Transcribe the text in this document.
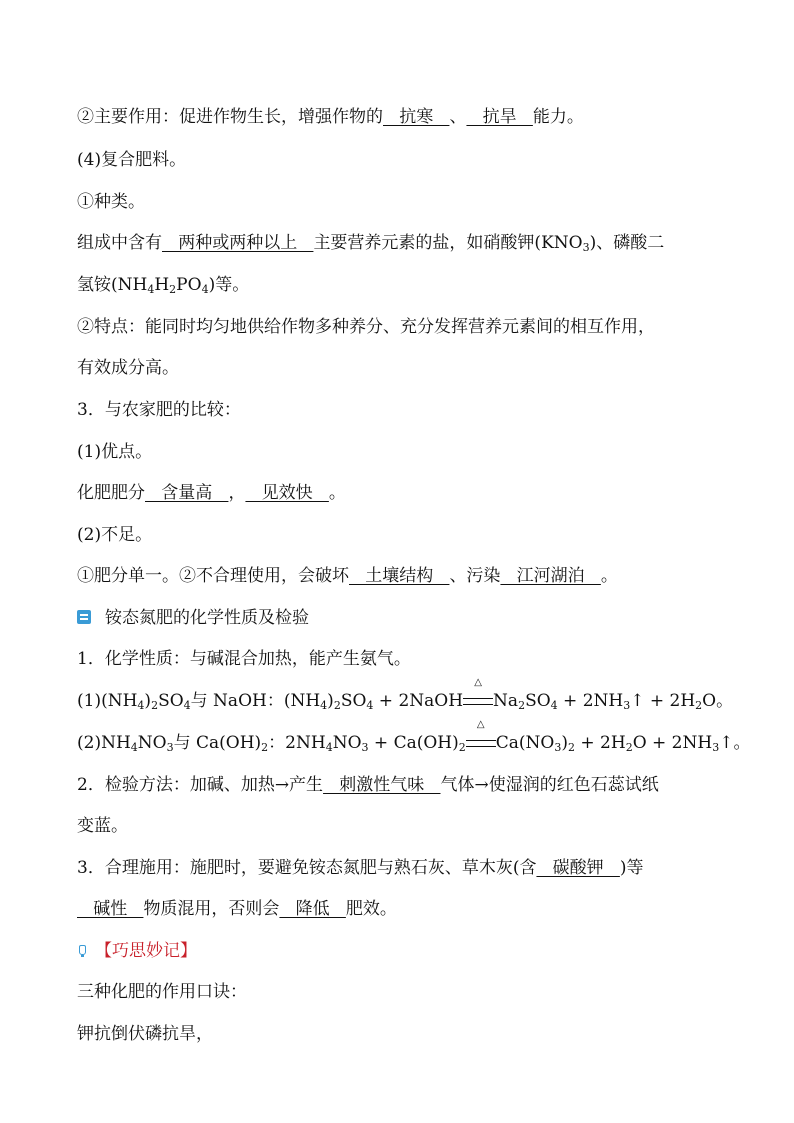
②主要作用：促进作物生长，增强作物的   抗寒   、   抗旱   能力。
(4)复合肥料。
①种类。
组成中含有   两种或两种以上   主要营养元素的盐，如硝酸钾$(KNO_3)$、磷酸二
氢铵$(NH_4H_2PO_4)$等。
②特点：能同时均匀地供给作物多种养分、充分发挥营养元素间的相互作用，
有效成分高。
3．与农家肥的比较：
(1)优点。
化肥肥分   含量高   ，   见效快   。
(2)不足。
①肥分单一。②不合理使用，会破坏   土壤结构   、污染   江河湖泊   。
铵态氮肥的化学性质及检验
1．化学性质：与碱混合加热，能产生氨气。
$(1)(NH_4)_2SO_4$与 NaOH：$(NH_4)_2SO_4$ + 2NaOH
△
$Na_2SO_4$ + $2NH_3↑ + 2H_2O$。
$(2)NH_4NO_3$与 $Ca(OH)_2$：$2NH_4NO_3 + Ca(OH)_2$
△
$Ca(NO_3)_2 + 2H_2O$ + $2NH_3↑$。
2．检验方法：加碱、加热→产生   刺激性气味   气体→使湿润的红色石蕊试纸
变蓝。
3．合理施用：施肥时，要避免铵态氮肥与熟石灰、草木灰(含   碳酸钾   )等
碱性   物质混用，否则会   降低   肥效。
【巧思妙记】
三种化肥的作用口诀：
钾抗倒伏磷抗旱，
